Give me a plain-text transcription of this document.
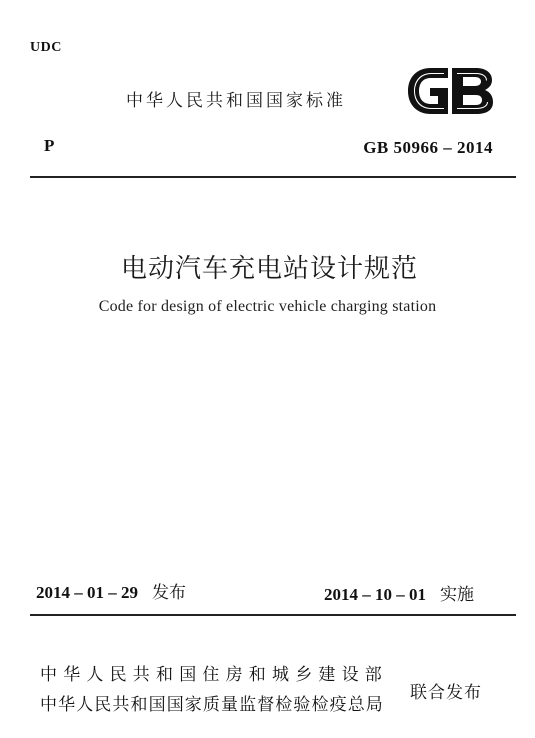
UDC
中华人民共和国国家标准
P	GB 50966 – 2014
电动汽车充电站设计规范
Code for design of electric vehicle charging station
2014 – 01 – 29 发布	2014 – 10 – 01 实施
中华人民共和国住房和城乡建设部
中华人民共和国国家质量监督检验检疫总局
联合发布
